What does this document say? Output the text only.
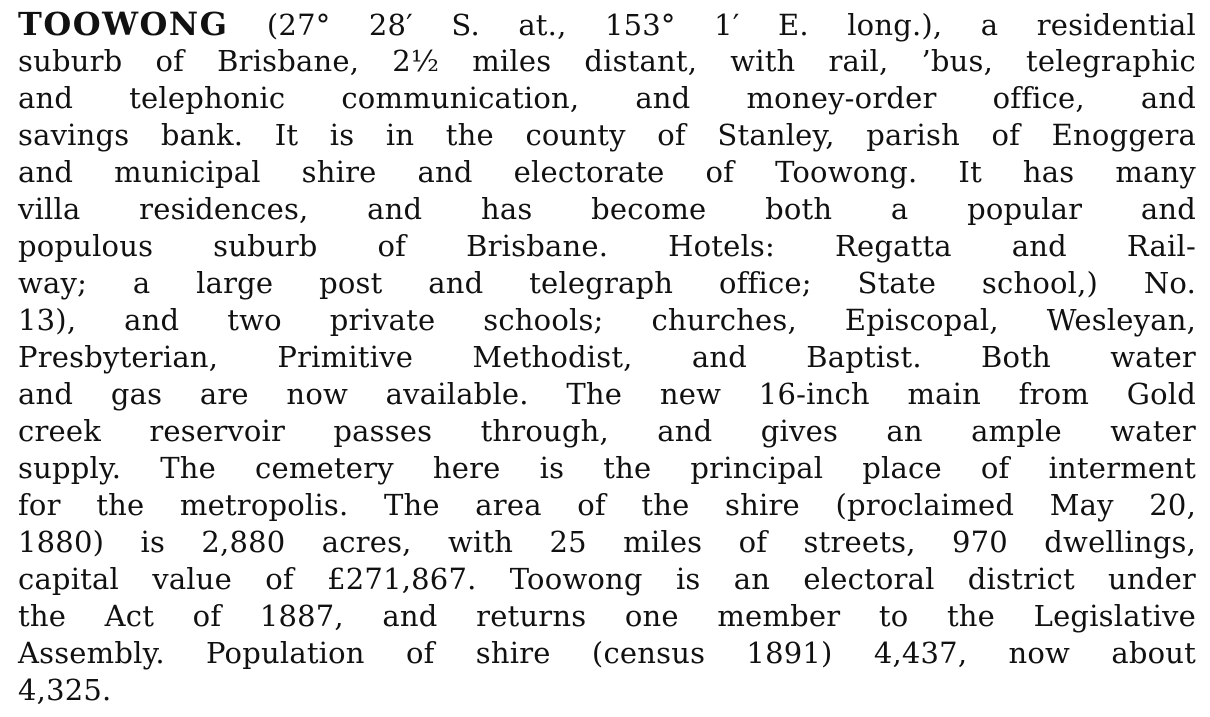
TOOWONG (27° 28′ S. at., 153° 1′ E. long.), a residential
suburb of Brisbane, 2½ miles distant, with rail, ’bus, telegraphic
and telephonic communication, and money-order office, and
savings bank. It is in the county of Stanley, parish of Enoggera
and municipal shire and electorate of Toowong. It has many
villa residences, and has become both a popular and
populous suburb of Brisbane. Hotels: Regatta and Rail-
way; a large post and telegraph office; State school,) No.
13), and two private schools; churches, Episcopal, Wesleyan,
Presbyterian, Primitive Methodist, and Baptist. Both water
and gas are now available. The new 16-inch main from Gold
creek reservoir passes through, and gives an ample water
supply. The cemetery here is the principal place of interment
for the metropolis. The area of the shire (proclaimed May 20,
1880) is 2,880 acres, with 25 miles of streets, 970 dwellings,
capital value of £271,867. Toowong is an electoral district under
the Act of 1887, and returns one member to the Legislative
Assembly. Population of shire (census 1891) 4,437, now about
4,325.
